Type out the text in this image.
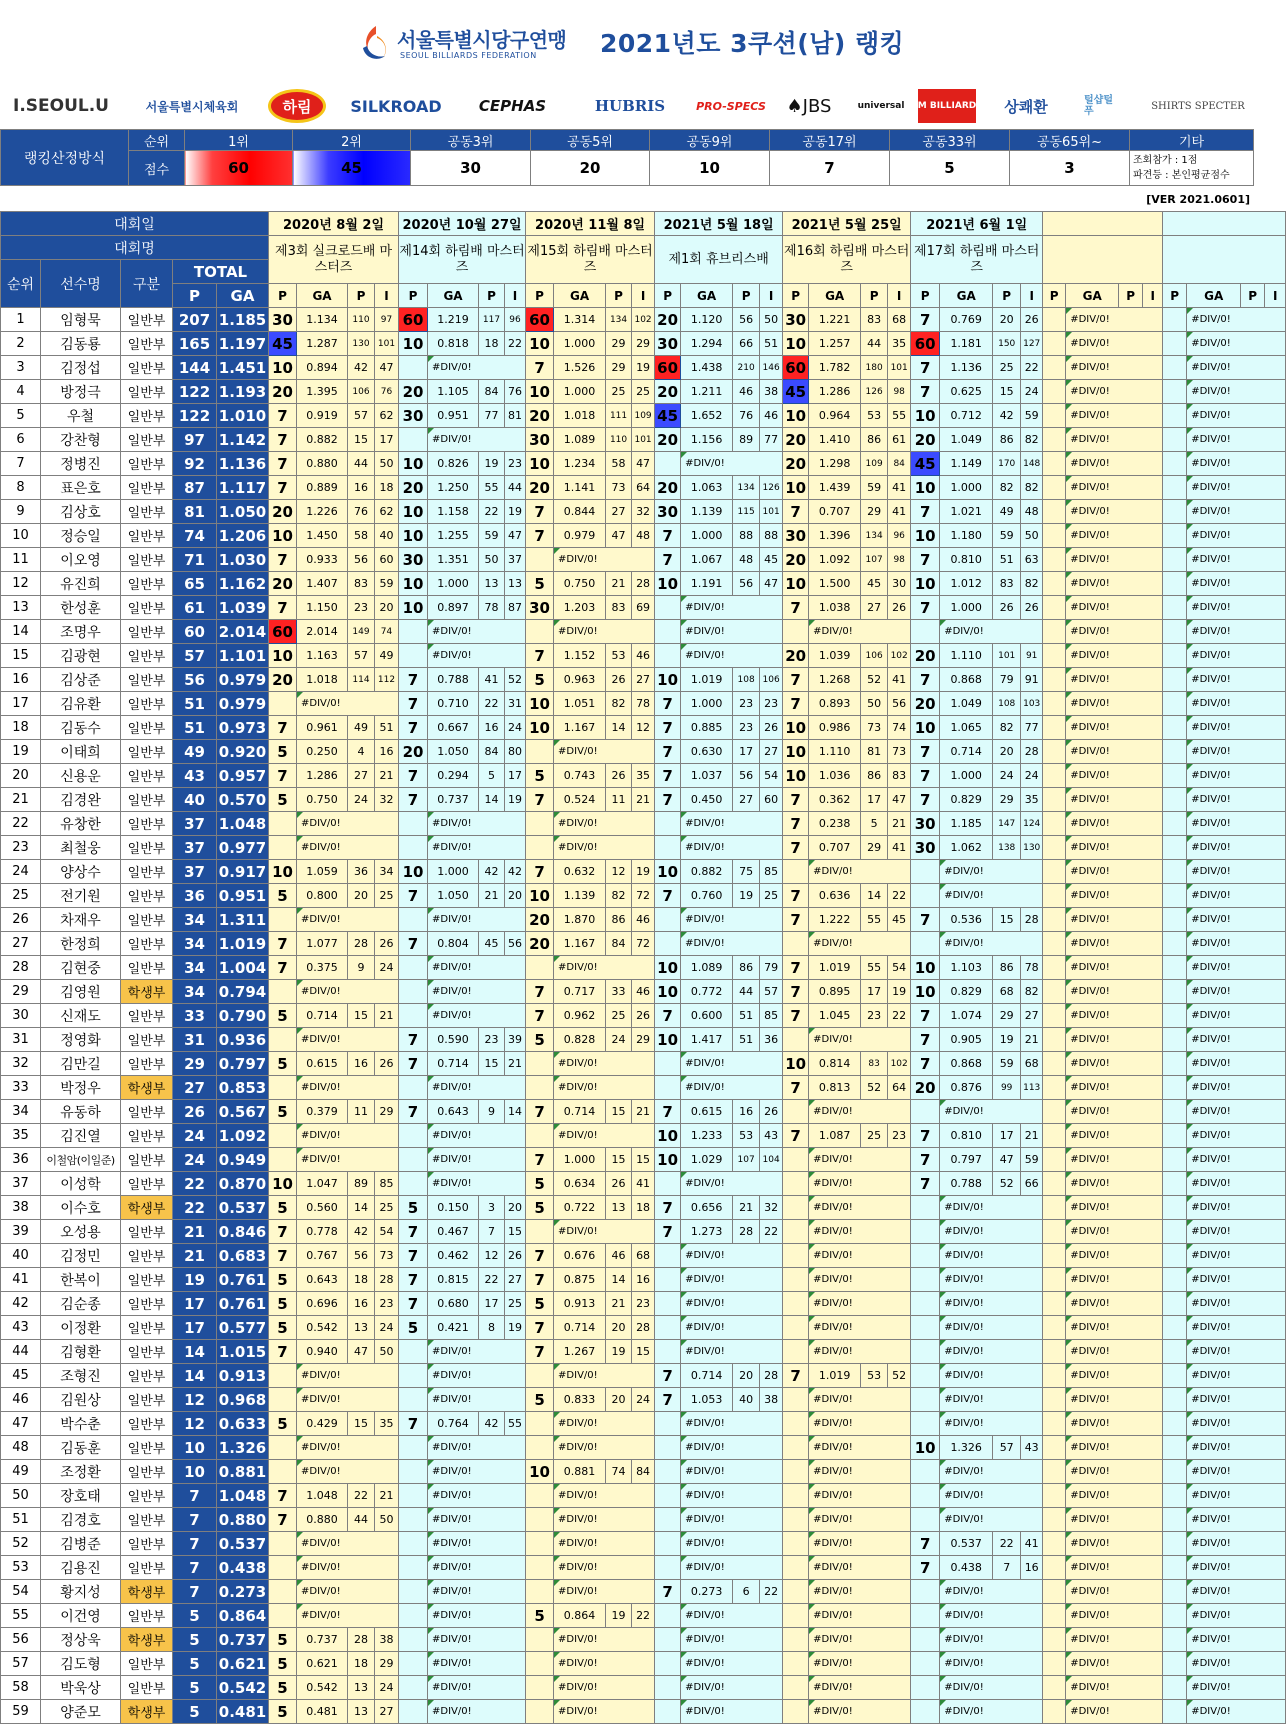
서울특별시당구연맹
SEOUL BILLIARDS FEDERATION	2021년도 3쿠션(남) 랭킹
I.SEOUL.U	서울특별시체육회	하림	SILKROAD	CEPHAS	HUBRIS	PRO-SPECS	♠JBS	universal SM BILLIARDS	상쾌환	털샵털푸	SHIRTS SPECTER
랭킹산정방식	순위	1위	2위	공동3위	공동5위	공동9위	공동17위	공동33위	공동65위~	기타
	점수	60	45	30	20	10	7	5	3	조회참가 : 1점
파견등 : 본인평균점수
[VER 2021.0601]
대회일					2020년 8월 2일				2020년 10월 27일				2020년 11월 8일				2021년 5월 18일				2021년 5월 25일				2021년 6월 1일											
대회명					제3회 실크로드배 마스터즈				제14회 하림배 마스터즈				제15회 하림배 마스터즈				제1회 휴브리스배				제16회 하림배 마스터즈				제17회 하림배 마스터즈											
순위	선수명	구분	TOTAL																																	
			P	GA	P	GA	P	I	P	GA	P	I	P	GA	P	I	P	GA	P	I	P	GA	P	I	P	GA	P	I	P	GA	P	I	P	GA	P	I
1	임형묵	일반부	207	1.185	30	1.134	110	97	60	1.219	117	96	60	1.314	134	102	20	1.120	56	50	30	1.221	83	68	7	0.769	20	26		#DIV/0!				#DIV/0!		
2	김동룡	일반부	165	1.197	45	1.287	130	101	10	0.818	18	22	10	1.000	29	29	30	1.294	66	51	10	1.257	44	35	60	1.181	150	127		#DIV/0!				#DIV/0!		
3	김정섭	일반부	144	1.451	10	0.894	42	47		#DIV/0!			7	1.526	29	19	60	1.438	210	146	60	1.782	180	101	7	1.136	25	22		#DIV/0!				#DIV/0!		
4	방정극	일반부	122	1.193	20	1.395	106	76	20	1.105	84	76	10	1.000	25	25	20	1.211	46	38	45	1.286	126	98	7	0.625	15	24		#DIV/0!				#DIV/0!		
5	우철	일반부	122	1.010	7	0.919	57	62	30	0.951	77	81	20	1.018	111	109	45	1.652	76	46	10	0.964	53	55	10	0.712	42	59		#DIV/0!				#DIV/0!		
6	강찬형	일반부	97	1.142	7	0.882	15	17		#DIV/0!			30	1.089	110	101	20	1.156	89	77	20	1.410	86	61	20	1.049	86	82		#DIV/0!				#DIV/0!		
7	정병진	일반부	92	1.136	7	0.880	44	50	10	0.826	19	23	10	1.234	58	47		#DIV/0!			20	1.298	109	84	45	1.149	170	148		#DIV/0!				#DIV/0!		
8	표은호	일반부	87	1.117	7	0.889	16	18	20	1.250	55	44	20	1.141	73	64	20	1.063	134	126	10	1.439	59	41	10	1.000	82	82		#DIV/0!				#DIV/0!		
9	김상호	일반부	81	1.050	20	1.226	76	62	10	1.158	22	19	7	0.844	27	32	30	1.139	115	101	7	0.707	29	41	7	1.021	49	48		#DIV/0!				#DIV/0!		
10	정승일	일반부	74	1.206	10	1.450	58	40	10	1.255	59	47	7	0.979	47	48	7	1.000	88	88	30	1.396	134	96	10	1.180	59	50		#DIV/0!				#DIV/0!		
11	이오영	일반부	71	1.030	7	0.933	56	60	30	1.351	50	37		#DIV/0!			7	1.067	48	45	20	1.092	107	98	7	0.810	51	63		#DIV/0!				#DIV/0!		
12	유진희	일반부	65	1.162	20	1.407	83	59	10	1.000	13	13	5	0.750	21	28	10	1.191	56	47	10	1.500	45	30	10	1.012	83	82		#DIV/0!				#DIV/0!		
13	한성훈	일반부	61	1.039	7	1.150	23	20	10	0.897	78	87	30	1.203	83	69		#DIV/0!			7	1.038	27	26	7	1.000	26	26		#DIV/0!				#DIV/0!		
14	조명우	일반부	60	2.014	60	2.014	149	74		#DIV/0!				#DIV/0!				#DIV/0!				#DIV/0!				#DIV/0!				#DIV/0!				#DIV/0!		
15	김광현	일반부	57	1.101	10	1.163	57	49		#DIV/0!			7	1.152	53	46		#DIV/0!			20	1.039	106	102	20	1.110	101	91		#DIV/0!				#DIV/0!		
16	김상준	일반부	56	0.979	20	1.018	114	112	7	0.788	41	52	5	0.963	26	27	10	1.019	108	106	7	1.268	52	41	7	0.868	79	91		#DIV/0!				#DIV/0!		
17	김유환	일반부	51	0.979		#DIV/0!			7	0.710	22	31	10	1.051	82	78	7	1.000	23	23	7	0.893	50	56	20	1.049	108	103		#DIV/0!				#DIV/0!		
18	김동수	일반부	51	0.973	7	0.961	49	51	7	0.667	16	24	10	1.167	14	12	7	0.885	23	26	10	0.986	73	74	10	1.065	82	77		#DIV/0!				#DIV/0!		
19	이태희	일반부	49	0.920	5	0.250	4	16	20	1.050	84	80		#DIV/0!			7	0.630	17	27	10	1.110	81	73	7	0.714	20	28		#DIV/0!				#DIV/0!		
20	신용운	일반부	43	0.957	7	1.286	27	21	7	0.294	5	17	5	0.743	26	35	7	1.037	56	54	10	1.036	86	83	7	1.000	24	24		#DIV/0!				#DIV/0!		
21	김경완	일반부	40	0.570	5	0.750	24	32	7	0.737	14	19	7	0.524	11	21	7	0.450	27	60	7	0.362	17	47	7	0.829	29	35		#DIV/0!				#DIV/0!		
22	유창한	일반부	37	1.048		#DIV/0!				#DIV/0!				#DIV/0!				#DIV/0!			7	0.238	5	21	30	1.185	147	124		#DIV/0!				#DIV/0!		
23	최철웅	일반부	37	0.977		#DIV/0!				#DIV/0!				#DIV/0!				#DIV/0!			7	0.707	29	41	30	1.062	138	130		#DIV/0!				#DIV/0!		
24	양상수	일반부	37	0.917	10	1.059	36	34	10	1.000	42	42	7	0.632	12	19	10	0.882	75	85		#DIV/0!				#DIV/0!				#DIV/0!				#DIV/0!		
25	전기원	일반부	36	0.951	5	0.800	20	25	7	1.050	21	20	10	1.139	82	72	7	0.760	19	25	7	0.636	14	22		#DIV/0!				#DIV/0!				#DIV/0!		
26	차재우	일반부	34	1.311		#DIV/0!				#DIV/0!			20	1.870	86	46		#DIV/0!			7	1.222	55	45	7	0.536	15	28		#DIV/0!				#DIV/0!		
27	한정희	일반부	34	1.019	7	1.077	28	26	7	0.804	45	56	20	1.167	84	72		#DIV/0!				#DIV/0!				#DIV/0!				#DIV/0!				#DIV/0!		
28	김현중	일반부	34	1.004	7	0.375	9	24		#DIV/0!				#DIV/0!			10	1.089	86	79	7	1.019	55	54	10	1.103	86	78		#DIV/0!				#DIV/0!		
29	김영원	학생부	34	0.794		#DIV/0!				#DIV/0!			7	0.717	33	46	10	0.772	44	57	7	0.895	17	19	10	0.829	68	82		#DIV/0!				#DIV/0!		
30	신재도	일반부	33	0.790	5	0.714	15	21		#DIV/0!			7	0.962	25	26	7	0.600	51	85	7	1.045	23	22	7	1.074	29	27		#DIV/0!				#DIV/0!		
31	정영화	일반부	31	0.936		#DIV/0!			7	0.590	23	39	5	0.828	24	29	10	1.417	51	36		#DIV/0!			7	0.905	19	21		#DIV/0!				#DIV/0!		
32	김만길	일반부	29	0.797	5	0.615	16	26	7	0.714	15	21		#DIV/0!				#DIV/0!			10	0.814	83	102	7	0.868	59	68		#DIV/0!				#DIV/0!		
33	박정우	학생부	27	0.853		#DIV/0!				#DIV/0!				#DIV/0!				#DIV/0!			7	0.813	52	64	20	0.876	99	113		#DIV/0!				#DIV/0!		
34	유동하	일반부	26	0.567	5	0.379	11	29	7	0.643	9	14	7	0.714	15	21	7	0.615	16	26		#DIV/0!				#DIV/0!				#DIV/0!				#DIV/0!		
35	김진열	일반부	24	1.092		#DIV/0!				#DIV/0!				#DIV/0!			10	1.233	53	43	7	1.087	25	23	7	0.810	17	21		#DIV/0!				#DIV/0!		
36	이철암(이일준)	일반부	24	0.949		#DIV/0!				#DIV/0!			7	1.000	15	15	10	1.029	107	104		#DIV/0!			7	0.797	47	59		#DIV/0!				#DIV/0!		
37	이성학	일반부	22	0.870	10	1.047	89	85		#DIV/0!			5	0.634	26	41		#DIV/0!				#DIV/0!			7	0.788	52	66		#DIV/0!				#DIV/0!		
38	이수호	학생부	22	0.537	5	0.560	14	25	5	0.150	3	20	5	0.722	13	18	7	0.656	21	32		#DIV/0!				#DIV/0!				#DIV/0!				#DIV/0!		
39	오성용	일반부	21	0.846	7	0.778	42	54	7	0.467	7	15		#DIV/0!			7	1.273	28	22		#DIV/0!				#DIV/0!				#DIV/0!				#DIV/0!		
40	김정민	일반부	21	0.683	7	0.767	56	73	7	0.462	12	26	7	0.676	46	68		#DIV/0!				#DIV/0!				#DIV/0!				#DIV/0!				#DIV/0!		
41	한복이	일반부	19	0.761	5	0.643	18	28	7	0.815	22	27	7	0.875	14	16		#DIV/0!				#DIV/0!				#DIV/0!				#DIV/0!				#DIV/0!		
42	김순종	일반부	17	0.761	5	0.696	16	23	7	0.680	17	25	5	0.913	21	23		#DIV/0!				#DIV/0!				#DIV/0!				#DIV/0!				#DIV/0!		
43	이정환	일반부	17	0.577	5	0.542	13	24	5	0.421	8	19	7	0.714	20	28		#DIV/0!				#DIV/0!				#DIV/0!				#DIV/0!				#DIV/0!		
44	김형환	일반부	14	1.015	7	0.940	47	50		#DIV/0!			7	1.267	19	15		#DIV/0!				#DIV/0!				#DIV/0!				#DIV/0!				#DIV/0!		
45	조형진	일반부	14	0.913		#DIV/0!				#DIV/0!				#DIV/0!			7	0.714	20	28	7	1.019	53	52		#DIV/0!				#DIV/0!				#DIV/0!		
46	김원상	일반부	12	0.968		#DIV/0!				#DIV/0!			5	0.833	20	24	7	1.053	40	38		#DIV/0!				#DIV/0!				#DIV/0!				#DIV/0!		
47	박수춘	일반부	12	0.633	5	0.429	15	35	7	0.764	42	55		#DIV/0!				#DIV/0!				#DIV/0!				#DIV/0!				#DIV/0!				#DIV/0!		
48	김동훈	일반부	10	1.326		#DIV/0!				#DIV/0!				#DIV/0!				#DIV/0!				#DIV/0!			10	1.326	57	43		#DIV/0!				#DIV/0!		
49	조정환	일반부	10	0.881		#DIV/0!				#DIV/0!			10	0.881	74	84		#DIV/0!				#DIV/0!				#DIV/0!				#DIV/0!				#DIV/0!		
50	장호태	일반부	7	1.048	7	1.048	22	21		#DIV/0!				#DIV/0!				#DIV/0!				#DIV/0!				#DIV/0!				#DIV/0!				#DIV/0!		
51	김경호	일반부	7	0.880	7	0.880	44	50		#DIV/0!				#DIV/0!				#DIV/0!				#DIV/0!				#DIV/0!				#DIV/0!				#DIV/0!		
52	김병준	일반부	7	0.537		#DIV/0!				#DIV/0!				#DIV/0!				#DIV/0!				#DIV/0!			7	0.537	22	41		#DIV/0!				#DIV/0!		
53	김용진	일반부	7	0.438		#DIV/0!				#DIV/0!				#DIV/0!				#DIV/0!				#DIV/0!			7	0.438	7	16		#DIV/0!				#DIV/0!		
54	황지성	학생부	7	0.273		#DIV/0!				#DIV/0!				#DIV/0!			7	0.273	6	22		#DIV/0!				#DIV/0!				#DIV/0!				#DIV/0!		
55	이건영	일반부	5	0.864		#DIV/0!				#DIV/0!			5	0.864	19	22		#DIV/0!				#DIV/0!				#DIV/0!				#DIV/0!				#DIV/0!		
56	정상욱	학생부	5	0.737	5	0.737	28	38		#DIV/0!				#DIV/0!				#DIV/0!				#DIV/0!				#DIV/0!				#DIV/0!				#DIV/0!		
57	김도형	일반부	5	0.621	5	0.621	18	29		#DIV/0!				#DIV/0!				#DIV/0!				#DIV/0!				#DIV/0!				#DIV/0!				#DIV/0!		
58	박욱상	일반부	5	0.542	5	0.542	13	24		#DIV/0!				#DIV/0!				#DIV/0!				#DIV/0!				#DIV/0!				#DIV/0!				#DIV/0!		
59	양준모	학생부	5	0.481	5	0.481	13	27		#DIV/0!				#DIV/0!				#DIV/0!				#DIV/0!				#DIV/0!				#DIV/0!				#DIV/0!		
